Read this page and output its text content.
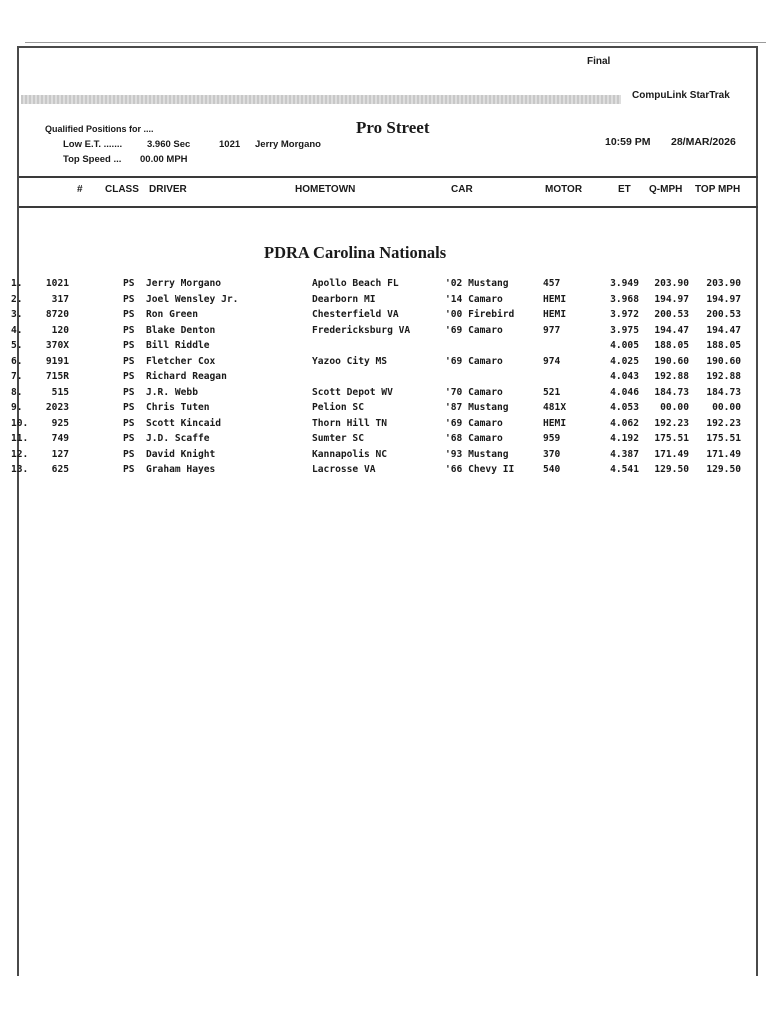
Final
CompuLink StarTrak
Qualified Positions for ....
Low E.T. .......	3.960 Sec	1021 Jerry Morgano
Top Speed ... 00.00 MPH
Pro Street
10:59 PM 28/MAR/2026
# CLASS DRIVER	HOMETOWN	CAR	MOTOR	ET Q-MPH TOP MPH
PDRA Carolina Nationals
1.	1021	PS	Jerry Morgano	Apollo Beach FL	'02 Mustang	457	3.949	203.90	203.90
2.	317	PS	Joel Wensley Jr.	Dearborn MI	'14 Camaro	HEMI	3.968	194.97	194.97
3.	8720	PS	Ron Green	Chesterfield VA	'00 Firebird	HEMI	3.972	200.53	200.53
4.	120	PS	Blake Denton	Fredericksburg VA	'69 Camaro	977	3.975	194.47	194.47
5.	370X	PS	Bill Riddle	4.005	188.05	188.05
6.	9191	PS	Fletcher Cox	Yazoo City MS	'69 Camaro	974	4.025	190.60	190.60
7.	715R	PS	Richard Reagan	4.043	192.88	192.88
8.	515	PS	J.R. Webb	Scott Depot WV	'70 Camaro	521	4.046	184.73	184.73
9.	2023	PS	Chris Tuten	Pelion SC	'87 Mustang	481X	4.053	00.00	00.00
10.	925	PS	Scott Kincaid	Thorn Hill TN	'69 Camaro	HEMI	4.062	192.23	192.23
11.	749	PS	J.D. Scaffe	Sumter SC	'68 Camaro	959	4.192	175.51	175.51
12.	127	PS	David Knight	Kannapolis NC	'93 Mustang	370	4.387	171.49	171.49
13.	625	PS	Graham Hayes	Lacrosse VA	'66 Chevy II	540	4.541	129.50	129.50
